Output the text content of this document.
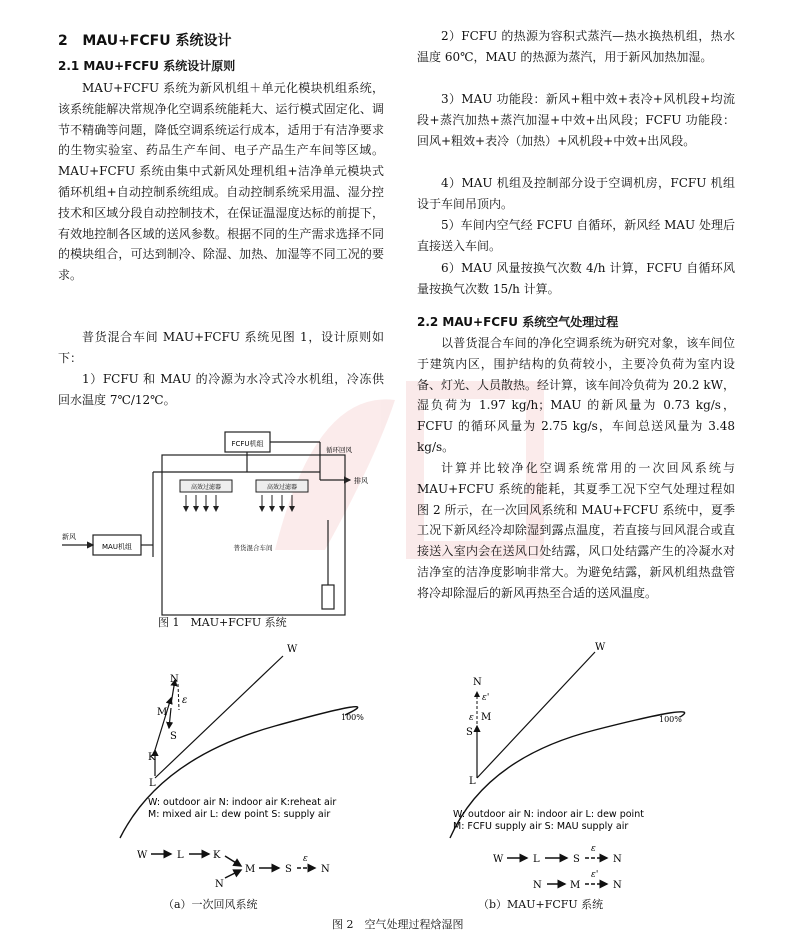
2 MAU+FCFU 系统设计
2.1 MAU+FCFU 系统设计原则

MAU+FCFU 系统为新风机组＋单元化模块机组系统，该系统能解决常规净化空调系统能耗大、运行模式固定化、调节不精确等问题，降低空调系统运行成本，适用于有洁净要求的生物实验室、药品生产车间、电子产品生产车间等区域。MAU+FCFU 系统由集中式新风处理机组+洁净单元模块式循环机组+自动控制系统组成。自动控制系统采用温、湿分控技术和区域分段自动控制技术，在保证温湿度达标的前提下，有效地控制各区域的送风参数。根据不同的生产需求选择不同的模块组合，可达到制冷、除湿、加热、加湿等不同工况的要求。

普货混合车间 MAU+FCFU 系统见图 1，设计原则如下：

1）FCFU 和 MAU 的冷源为水冷式冷水机组，冷冻供回水温度 7℃/12℃。

2）FCFU 的热源为容积式蒸汽—热水换热机组，热水温度 60℃，MAU 的热源为蒸汽，用于新风加热加湿。

3）MAU 功能段：新风+粗中效+表冷+风机段+均流段+蒸汽加热+蒸汽加湿+中效+出风段；FCFU 功能段：回风+粗效+表冷（加热）+风机段+中效+出风段。

4）MAU 机组及控制部分设于空调机房，FCFU 机组设于车间吊顶内。

5）车间内空气经 FCFU 自循环，新风经 MAU 处理后直接送入车间。

6）MAU 风量按换气次数 4/h 计算，FCFU 自循环风量按换气次数 15/h 计算。

2.2 MAU+FCFU 系统空气处理过程

以普货混合车间的净化空调系统为研究对象，该车间位于建筑内区，围护结构的负荷较小，主要冷负荷为室内设备、灯光、人员散热。经计算，该车间冷负荷为 20.2 kW，湿负荷为 1.97 kg/h；MAU 的新风量为 0.73 kg/s，FCFU 的循环风量为 2.75 kg/s，车间总送风量为 3.48 kg/s。

计算并比较净化空调系统常用的一次回风系统与 MAU+FCFU 系统的能耗，其夏季工况下空气处理过程如图 2 所示，在一次回风系统和 MAU+FCFU 系统中，夏季工况下新风经冷却除湿到露点温度，若直接与回风混合或直接送入室内会在送风口处结露，风口处结露产生的冷凝水对洁净室的洁净度影响非常大。为避免结露，新风机组热盘管将冷却除湿后的新风再热至合适的送风温度。

FCFU机组
循环回风
高效过滤器	高效过滤器
排风
MAU机组
新风
普货混合车间
图 1　MAU+FCFU 系统
W
100%
L
K
M
N
S
ε
W: outdoor air N: indoor air K:reheat air
M: mixed air L: dew point S: supply air
W	L	K
N
M	S
ε
N
（a）一次回风系统
W
100%
L
S
M
ε
ε'
N
W: outdoor air N: indoor air L: dew point
M: FCFU supply air S: MAU supply air
W	L	S
ε
N
N	M
ε'
N
（b）MAU+FCFU 系统
图 2　空气处理过程焓湿图
